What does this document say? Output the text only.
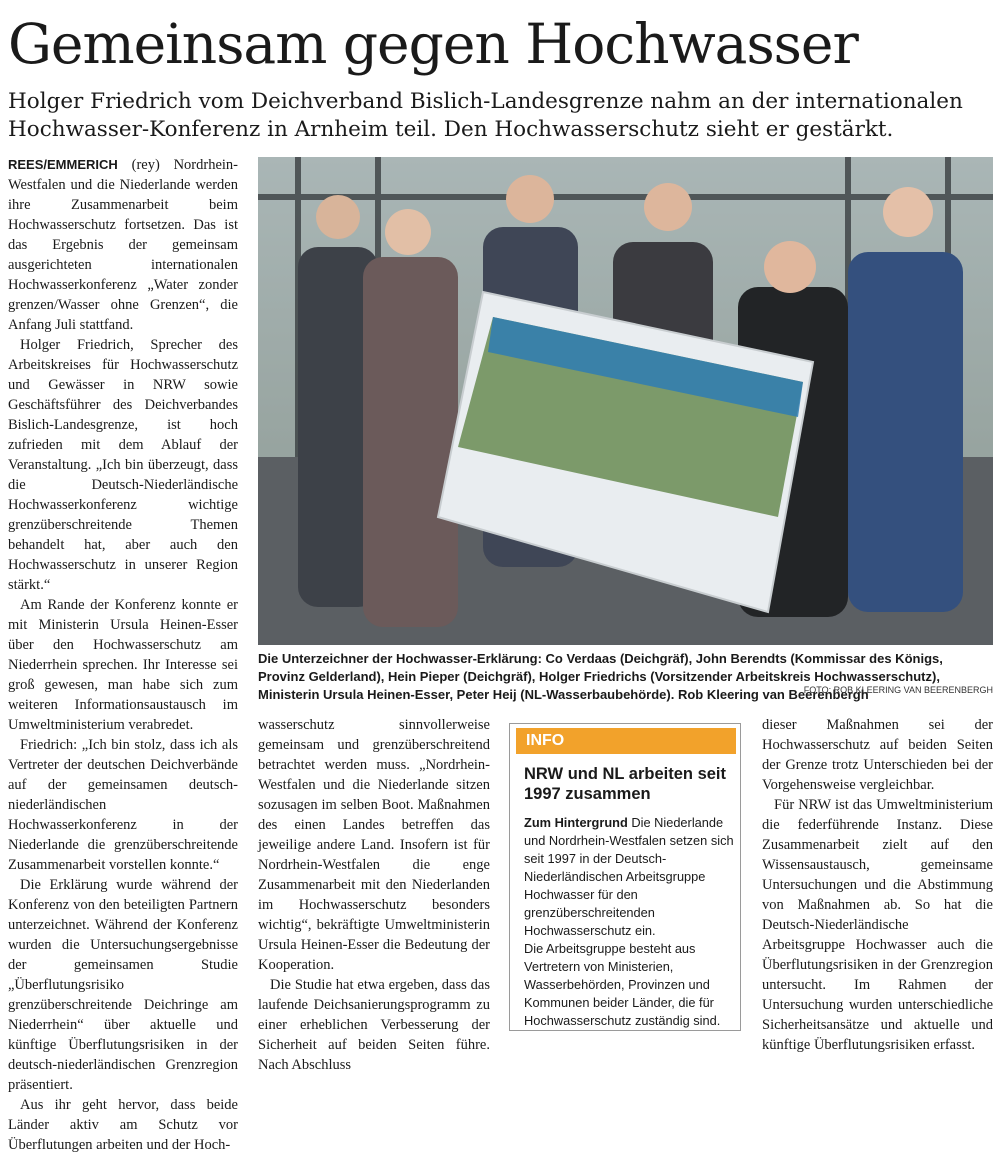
Gemeinsam gegen Hochwasser

Holger Friedrich vom Deichverband Bislich-Landesgrenze nahm an der internationalen Hochwasser-Konferenz in Arnheim teil. Den Hochwasserschutz sieht er gestärkt.

REES/EMMERICH (rey) Nordrhein-Westfalen und die Niederlande werden ihre Zusammenarbeit beim Hochwasserschutz fortsetzen. Das ist das Ergebnis der gemeinsam ausgerichteten internationalen Hochwasserkonferenz „Water zonder grenzen/Wasser ohne Grenzen“, die Anfang Juli stattfand.

Holger Friedrich, Sprecher des Arbeitskreises für Hochwasserschutz und Gewässer in NRW sowie Geschäftsführer des Deichverbandes Bislich-Landesgrenze, ist hoch zufrieden mit dem Ablauf der Veranstaltung. „Ich bin überzeugt, dass die Deutsch-Niederländische Hochwasserkonferenz wichtige grenzüberschreitende Themen behandelt hat, aber auch den Hochwasserschutz in unserer Region stärkt.“

Am Rande der Konferenz konnte er mit Ministerin Ursula Heinen-Esser über den Hochwasserschutz am Niederrhein sprechen. Ihr Interesse sei groß gewesen, man habe sich zum weiteren Informationsaustausch im Umweltministerium verabredet.

Friedrich: „Ich bin stolz, dass ich als Vertreter der deutschen Deichverbände auf der gemeinsamen deutsch-niederländischen Hochwasserkonferenz in der Niederlande die grenzüberschreitende Zusammenarbeit vorstellen konnte.“

Die Erklärung wurde während der Konferenz von den beteiligten Partnern unterzeichnet. Während der Konferenz wurden die Untersuchungsergebnisse der gemeinsamen Studie „Überflutungsrisiko grenzüberschreitende Deichringe am Niederrhein“ über aktuelle und künftige Überflutungsrisiken in der deutsch-niederländischen Grenzregion präsentiert.

Aus ihr geht hervor, dass beide Länder aktiv am Schutz vor Überflutungen arbeiten und der Hoch-

Die Unterzeichner der Hochwasser-Erklärung: Co Verdaas (Deichgräf), John Berendts (Kommissar des Königs, Provinz Gelderland), Hein Pieper (Deichgräf), Holger Friedrichs (Vorsitzender Arbeitskreis Hochwasserschutz), Ministerin Ursula Heinen-Esser, Peter Heij (NL-Wasserbaubehörde). Rob Kleering van Beerenbergh
FOTO: ROB KLEERING VAN BEERENBERGH

wasserschutz sinnvollerweise gemeinsam und grenzüberschreitend betrachtet werden muss. „Nordrhein-Westfalen und die Niederlande sitzen sozusagen im selben Boot. Maßnahmen des einen Landes betreffen das jeweilige andere Land. Insofern ist für Nordrhein-Westfalen die enge Zusammenarbeit mit den Niederlanden im Hochwasserschutz besonders wichtig“, bekräftigte Umweltministerin Ursula Heinen-Esser die Bedeutung der Kooperation.

Die Studie hat etwa ergeben, dass das laufende Deichsanierungsprogramm zu einer erheblichen Verbesserung der Sicherheit auf beiden Seiten führe. Nach Abschluss

INFO
NRW und NL arbeiten seit 1997 zusammen

Zum Hintergrund Die Niederlande und Nordrhein-Westfalen setzen sich seit 1997 in der Deutsch-Niederländischen Arbeitsgruppe Hochwasser für den grenzüberschreitenden Hochwasserschutz ein.

Die Arbeitsgruppe besteht aus Vertretern von Ministerien, Wasserbehörden, Provinzen und Kommunen beider Länder, die für Hochwasserschutz zuständig sind.

dieser Maßnahmen sei der Hochwasserschutz auf beiden Seiten der Grenze trotz Unterschieden bei der Vorgehensweise vergleichbar.

Für NRW ist das Umweltministerium die federführende Instanz. Diese Zusammenarbeit zielt auf den Wissensaustausch, gemeinsame Untersuchungen und die Abstimmung von Maßnahmen ab. So hat die Deutsch-Niederländische Arbeitsgruppe Hochwasser auch die Überflutungsrisiken in der Grenzregion untersucht. Im Rahmen der Untersuchung wurden unterschiedliche Sicherheitsansätze und aktuelle und künftige Überflutungsrisiken erfasst.
